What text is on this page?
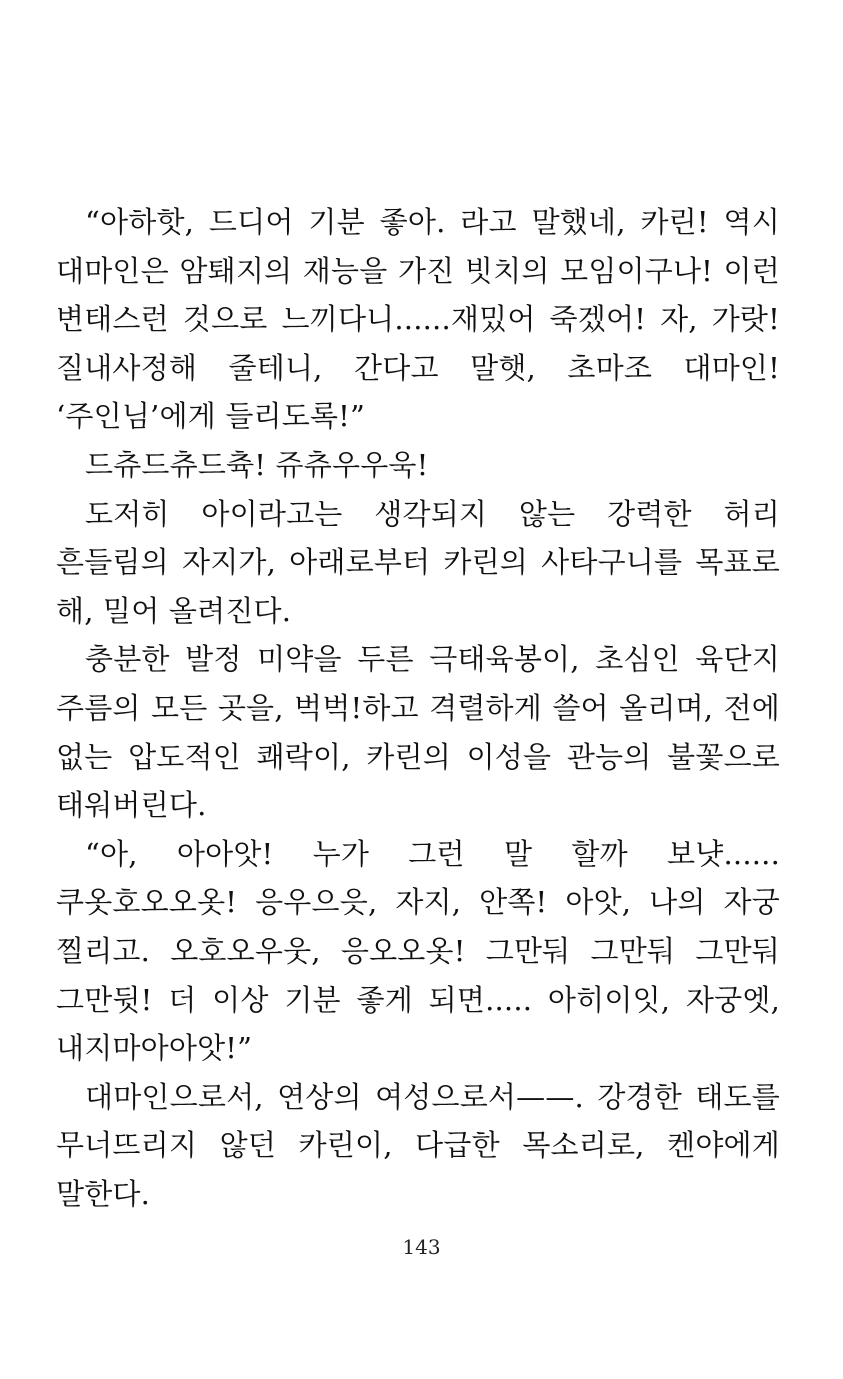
“아하핫, 드디어 기분 좋아. 라고 말했네, 카린! 역시 대마인은 암퇘지의 재능을 가진 빗치의 모임이구나! 이런 변태스런 것으로 느끼다니......재밌어 죽겠어! 자, 가랏! 질내사정해 줄테니, 간다고 말햇, 초마조 대마인! ‘주인님’에게 들리도록!”

드츄드츄드츅! 쥬츄우우욱!

도저히 아이라고는 생각되지 않는 강력한 허리 흔들림의 자지가, 아래로부터 카린의 사타구니를 목표로 해, 밀어 올려진다.

충분한 발정 미약을 두른 극태육봉이, 초심인 육단지 주름의 모든 곳을, 벅벅!하고 격렬하게 쓸어 올리며, 전에 없는 압도적인 쾌락이, 카린의 이성을 관능의 불꽃으로 태워버린다.

“아, 아아앗! 누가 그런 말 할까 보냣...... 쿠옷호오오옷! 응우으읏, 자지, 안쪽! 아앗, 나의 자궁 찔리고. 오호오우웃, 응오오옷! 그만둬 그만둬 그만둬 그만뒷! 더 이상 기분 좋게 되면..... 아히이잇, 자궁엣, 내지마아아앗!”

대마인으로서, 연상의 여성으로서——. 강경한 태도를 무너뜨리지 않던 카린이, 다급한 목소리로, 켄야에게 말한다.

143
